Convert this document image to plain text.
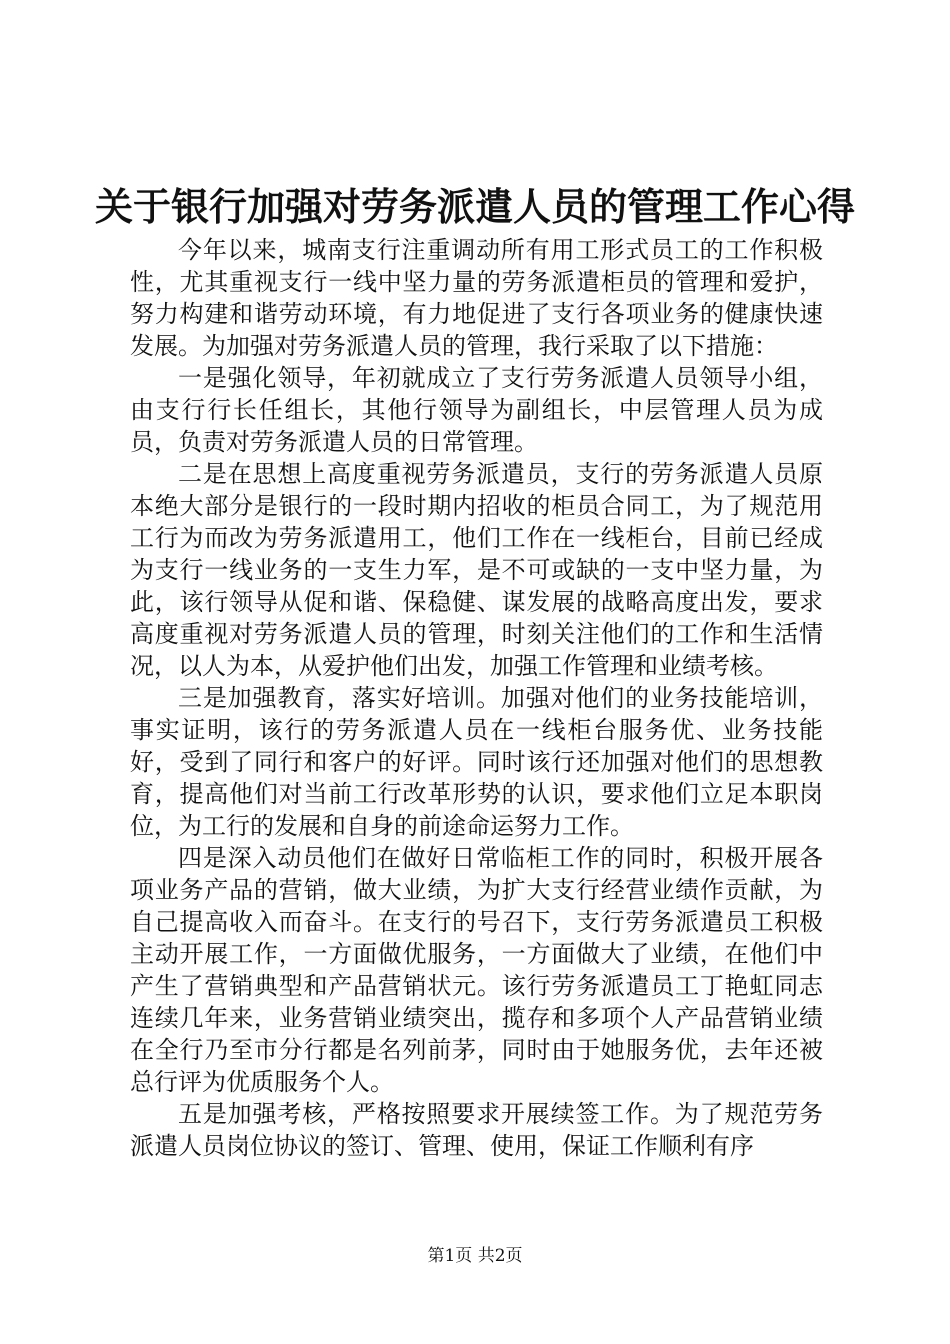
关于银行加强对劳务派遣人员的管理工作心得

今年以来，城南支行注重调动所有用工形式员工的工作积极性，尤其重视支行一线中坚力量的劳务派遣柜员的管理和爱护，努力构建和谐劳动环境，有力地促进了支行各项业务的健康快速发展。为加强对劳务派遣人员的管理，我行采取了以下措施：

一是强化领导，年初就成立了支行劳务派遣人员领导小组，由支行行长任组长，其他行领导为副组长，中层管理人员为成员，负责对劳务派遣人员的日常管理。

二是在思想上高度重视劳务派遣员，支行的劳务派遣人员原本绝大部分是银行的一段时期内招收的柜员合同工，为了规范用工行为而改为劳务派遣用工，他们工作在一线柜台，目前已经成为支行一线业务的一支生力军，是不可或缺的一支中坚力量，为此，该行领导从促和谐、保稳健、谋发展的战略高度出发，要求高度重视对劳务派遣人员的管理，时刻关注他们的工作和生活情况，以人为本，从爱护他们出发，加强工作管理和业绩考核。

三是加强教育，落实好培训。加强对他们的业务技能培训，事实证明，该行的劳务派遣人员在一线柜台服务优、业务技能好，受到了同行和客户的好评。同时该行还加强对他们的思想教育，提高他们对当前工行改革形势的认识，要求他们立足本职岗位，为工行的发展和自身的前途命运努力工作。

四是深入动员他们在做好日常临柜工作的同时，积极开展各项业务产品的营销，做大业绩，为扩大支行经营业绩作贡献，为自己提高收入而奋斗。在支行的号召下，支行劳务派遣员工积极主动开展工作，一方面做优服务，一方面做大了业绩，在他们中产生了营销典型和产品营销状元。该行劳务派遣员工丁艳虹同志连续几年来，业务营销业绩突出，揽存和多项个人产品营销业绩在全行乃至市分行都是名列前茅，同时由于她服务优，去年还被总行评为优质服务个人。

五是加强考核，严格按照要求开展续签工作。为了规范劳务派遣人员岗位协议的签订、管理、使用，保证工作顺利有序

第1页 共2页
